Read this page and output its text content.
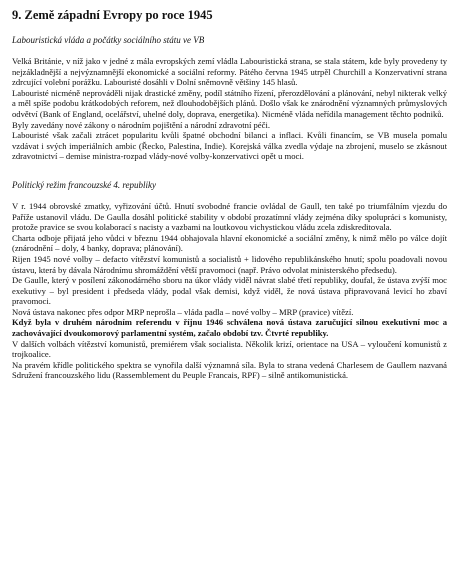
9. Země západní Evropy po roce 1945
Labouristická vláda a počátky sociálního státu ve VB

Velká Británie, v níž jako v jedné z mála evropských zemí vládla Labouristická strana, se stala státem, kde byly provedeny ty nejzákladnější a nejvýznamnější ekonomické a sociální reformy. Pátého června 1945 utrpěl Churchill a Konzervativní strana zdrcující volební porážku. Labouristé dosáhli v Dolní sněmovně většiny 145 hlasů.

Labouristé nicméně neprováděli nijak drastické změny, podíl státního řízení, přerozdělování a plánování, nebyl nikterak velký a měl spíše podobu krátkodobých reforem, než dlouhodobějších plánů. Došlo však ke znárodnění významných průmyslových odvětví (Bank of England, ocelářství, uhelné doly, doprava, energetika). Nicméně vláda neřídila management těchto podniků.

Byly zavedány nové zákony o národním pojištění a národní zdravotní péči.

Labouristé však začali ztrácet popularitu kvůli špatné obchodní bilanci a inflaci. Kvůli financím, se VB musela pomalu vzdávat i svých imperiálních ambic (Řecko, Palestina, Indie). Korejská válka zvedla výdaje na zbrojení, muselo se zkásnout zdravotnictví – demise ministra-rozpad vlády-nové volby-konzervativci opět u moci.

Politický režim francouzské 4. republiky

V r. 1944 obrovské zmatky, vyřizování účtů. Hnutí svobodné francie ovládal de Gaull, ten také po triumfálním vjezdu do Paříže ustanovil vládu. De Gaulla dosáhl politické stability v období prozatímní vlády zejména díky spolupráci s komunisty, protože pravice se svou kolaborací s nacisty a vazbami na loutkovou vichystickou vládu zcela zdiskreditovala.

Charta odboje přijatá jeho vůdci v březnu 1944 obhajovala hlavní ekonomické a sociální změny, k nimž mělo po válce dojít (znárodnění – doly, 4 banky, doprava; plánování).

Rijen 1945 nové volby – defacto vítězství komunistů a socialistů + lidového republikánského hnutí; spolu poadovali novou ústavu, která by dávala Národnímu shromáždění větší pravomoci (např. Právo odvolat ministerského předsedu).

De Gaulle, který v posílení zákonodárného sboru na úkor vlády viděl návrat slabé třetí republiky, doufal, že ústava zvýší moc exekutivy – byl president i předseda vlády, podal však demisi, když viděl, že nová ústava připravovaná levicí ho zbaví pravomoci.

Nová ústava nakonec přes odpor MRP neprošla – vláda padla – nové volby – MRP (pravice) vítězí.

Když byla v druhém národním referendu v říjnu 1946 schválena nová ústava zaručující silnou exekutivní moc a zachovávající dvoukomorový parlamentní systém, začalo období tzv. Čtvrté republiky.

V dalších volbách vítězství komunistů, premiérem však socialista. Několik krizí, orientace na USA – vyloučení komunistů z trojkoalice.

Na pravém křídle politického spektra se vynořila další významná síla. Byla to strana vedená Charlesem de Gaullem nazvaná Sdružení francouzského lidu (Rassemblement du Peuple Francais, RPF) – silně antikomunistická.
